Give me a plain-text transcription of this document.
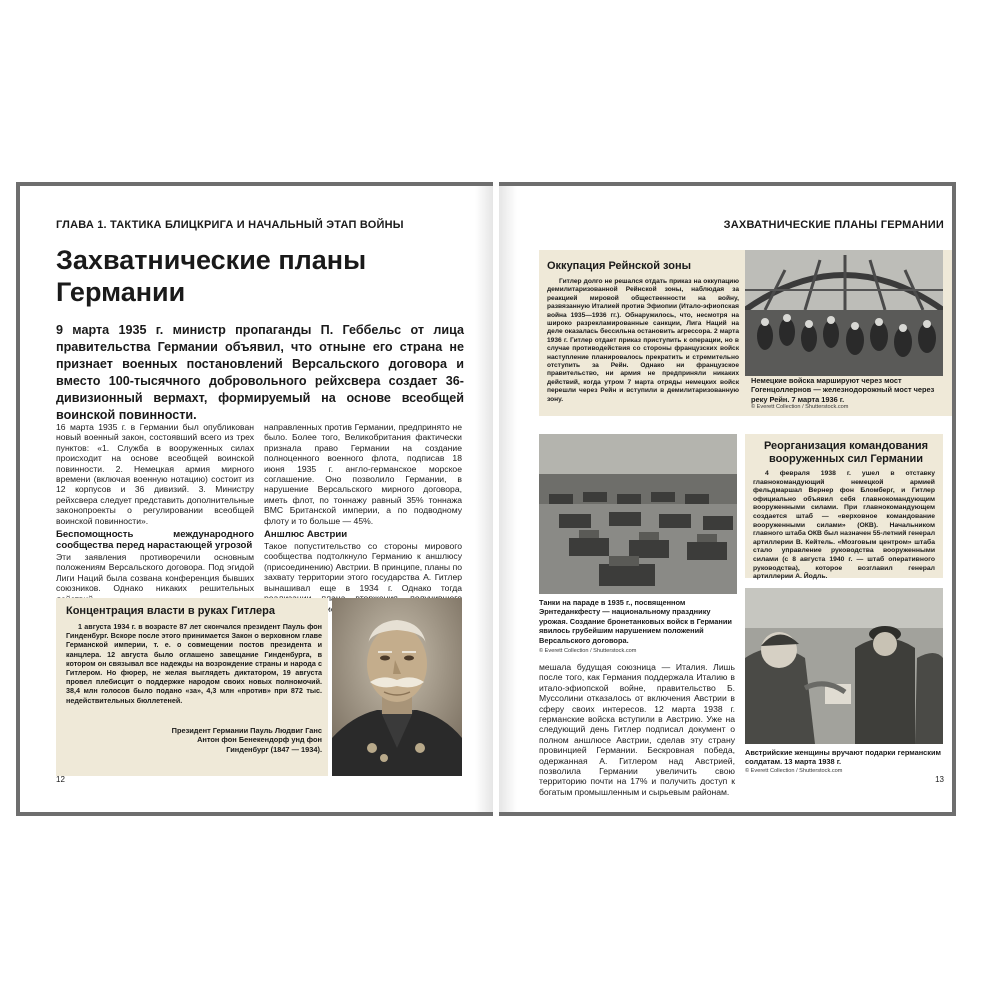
ГЛАВА 1. ТАКТИКА БЛИЦКРИГА И НАЧАЛЬНЫЙ ЭТАП ВОЙНЫ
Захватнические планы
Германии

9 марта 1935 г. министр пропаганды П. Геббельс от лица правительства Германии объявил, что отныне его страна не признает военных постановлений Версальского договора и вместо 100-тысячного добровольного рейхсвера создает 36-дивизионный вермахт, формируемый на основе всеобщей воинской повинности.

16 марта 1935 г. в Германии был опубликован новый военный закон, состоявший всего из трех пунктов: «1. Служба в вооруженных силах происходит на основе всеобщей воинской повинности. 2. Немецкая армия мирного времени (включая военную нотацию) состоит из 12 корпусов и 36 дивизий. 3. Министру рейхсвера следует представить дополнительные законопроекты о регулировании всеобщей воинской повинности».

Беспомощность международного сообщества перед нарастающей угрозой

Эти заявления противоречили основным положениям Версальского договора. Под эгидой Лиги Наций была созвана конференция бывших союзников. Однако никаких решительных

направленных против Германии, предпринято не было. Более того, Великобритания фактически признала право Германии на создание полноценного военного флота, подписав 18 июня 1935 г. англо-германское морское соглашение. Оно позволило Германии, в нарушение Версальского мирного договора, иметь флот, по тоннажу равный 35% тоннажа ВМС Британской империи, а по подводному флоту и то больше — 45%.

Аншлюс Австрии

Такое попустительство со стороны мирового сообщества подтолкнуло Германию к аншлюсу (присоединению) Австрии. В принципе, планы по захвату территории этого государства А. Гитлер вынашивал еще в 1934 г. Однако тогда

Концентрация власти в руках Гитлера
1 августа 1934 г. в возрасте 87 лет скончался президент Пауль фон Гинденбург. Вскоре после этого принимается Закон о верховном главе Германской империи, т. е. о совмещении постов президента и канцлера. 12 августа было оглашено завещание Гинденбурга, в котором он связывал все надежды на возрождение страны и народа с Гитлером. Но фюрер, не желая выглядеть диктатором, 19 августа провел плебисцит о поддержке народом своих новых полномочий. 38,4 млн голосов было подано «за», 4,3 млн «против» при 872 тыс. недействительных бюллетеней.
Президент Германии Пауль Людвиг Ганс Антон фон Бенекендорф унд фон Гинденбург (1847 — 1934).
12
ЗАХВАТНИЧЕСКИЕ ПЛАНЫ ГЕРМАНИИ
Оккупация Рейнской зоны
Гитлер долго не решался отдать приказ на оккупацию демилитаризованной Рейнской зоны, наблюдая за реакцией мировой общественности на войну, развязанную Италией против Эфиопии (Итало-эфиопская война 1935—1936 гг.). Обнаружилось, что, несмотря на широко разрекламированные санкции, Лига Наций на деле оказалась бессильна остановить агрессора. 2 марта 1936 г. Гитлер отдает приказ приступить к операции, но в случае противодействия со стороны французских войск наступление планировалось прекратить и стремительно отступить за Рейн. Однако ни французское правительство, ни армия не предприняли никаких действий, когда утром 7 марта отряды немецких войск перешли через Рейн и вступили в демилитаризованную зону.
Немецкие войска маршируют через мост Гогенцоллернов — железнодорожный мост через реку Рейн. 7 марта 1936 г.
© Everett Collection / Shutterstock.com
Танки на параде в 1935 г., посвященном Эрнтеданкфесту — национальному празднику урожая. Создание бронетанковых войск в Германии явилось грубейшим нарушением положений Версальского договора.
© Everett Collection / Shutterstock.com
Реорганизация командования вооруженных сил Германии
4 февраля 1938 г. ушел в отставку главнокомандующий немецкой армией фельдмаршал Вернер фон Бломберг, и Гитлер официально объявил себя главнокомандующим вооруженными силами. При главнокомандующем создается штаб — «верховное командование вооруженными силами» (ОКВ). Начальником главного штаба ОКВ был назначен 55-летний генерал артиллерии В. Кейтель. «Мозговым центром» штаба стало управление руководства вооруженными силами (с 8 августа 1940 г. — штаб оперативного руководства), которое возглавил генерал артиллерии А. Йодль.
Австрийские женщины вручают подарки германским солдатам. 13 марта 1938 г.
© Everett Collection / Shutterstock.com

мешала будущая союзница — Италия. Лишь после того, как Германия поддержала Италию в итало-эфиопской войне, правительство Б. Муссолини отказалось от включения Австрии в сферу своих интересов. 12 марта 1938 г. германские войска вступили в Австрию. Уже на следующий день Гитлер подписал документ о полном аншлюсе Австрии, сделав эту страну провинцией Германии. Бескровная победа, одержанная А. Гитлером над Австрией, позволила Германии увеличить свою территорию почти на 17% и получить доступ к богатым промышленным и сырьевым районам.

13
